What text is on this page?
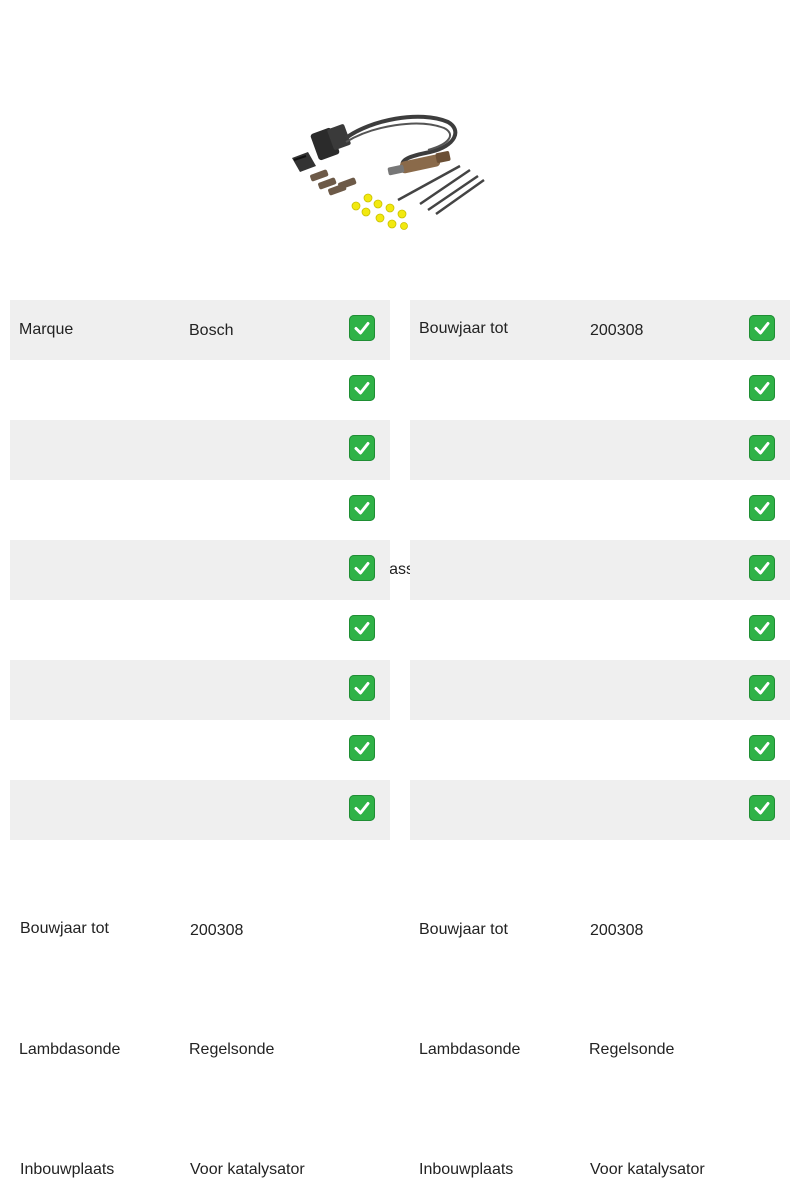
Marque	Bosch
aanpassen
Bouwjaar tot	200308
Lambdasonde	Regelsonde
Inbouwplaats	Voor katalysator
Bouwjaar tot	200308
Bouwjaar tot	200308
Lambdasonde	Regelsonde
Inbouwplaats	Voor katalysator
